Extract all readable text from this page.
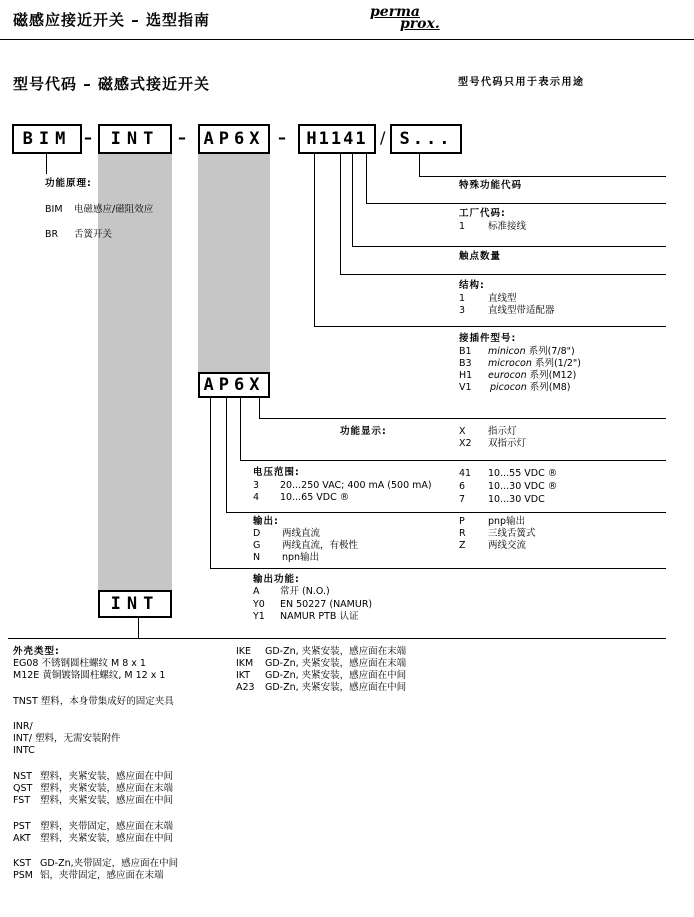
磁感应接近开关 – 选型指南	perma
prox.
型号代码 – 磁感式接近开关	型号代码只用于表示用途
BIM –	INT	–	AP6X –	H1141 / S...
AP6X
INT
功能原理:
BIM 电磁感应/磁阻效应
BR 舌簧开关
特殊功能代码
工厂代码:
1 标准接线
触点数量
结构:
1 直线型
3 直线型带适配器
接插件型号:
B1 minicon 系列(7/8")
B3 microcon 系列(1/2")
H1 eurocon 系列(M12)
V1 picocon 系列(M8)
功能显示:	X 指示灯
X2 双指示灯
电压范围:
3 20...250 VAC; 400 mA (500 mA)
4 10...65 VDC ®
41 10...55 VDC ®
6 10...30 VDC ®
7 10...30 VDC
输出:
D 两线直流
G 两线直流，有极性
N npn输出
P pnp输出
R 三线舌簧式
Z 两线交流
输出功能:
A 常开 (N.O.)
Y0 EN 50227 (NAMUR)
Y1 NAMUR PTB 认证
外壳类型:
EG08 不锈钢圆柱螺纹 M 8 x 1
M12E 黄铜镀铬圆柱螺纹, M 12 x 1
TNST 塑料，本身带集成好的固定夹具
INR/
INT/ 塑料，无需安装附件
INTC
NST 塑料，夹紧安装，感应面在中间
QST 塑料，夹紧安装，感应面在末端
FST 塑料，夹紧安装，感应面在中间
PST 塑料，夹带固定，感应面在末端
AKT 塑料，夹紧安装，感应面在中间
KST GD-Zn,夹带固定，感应面在中间
PSM 铝，夹带固定，感应面在末端
IKE GD-Zn, 夹紧安装，感应面在末端
IKM GD-Zn, 夹紧安装，感应面在末端
IKT GD-Zn, 夹紧安装，感应面在中间
A23 GD-Zn, 夹紧安装，感应面在中间
